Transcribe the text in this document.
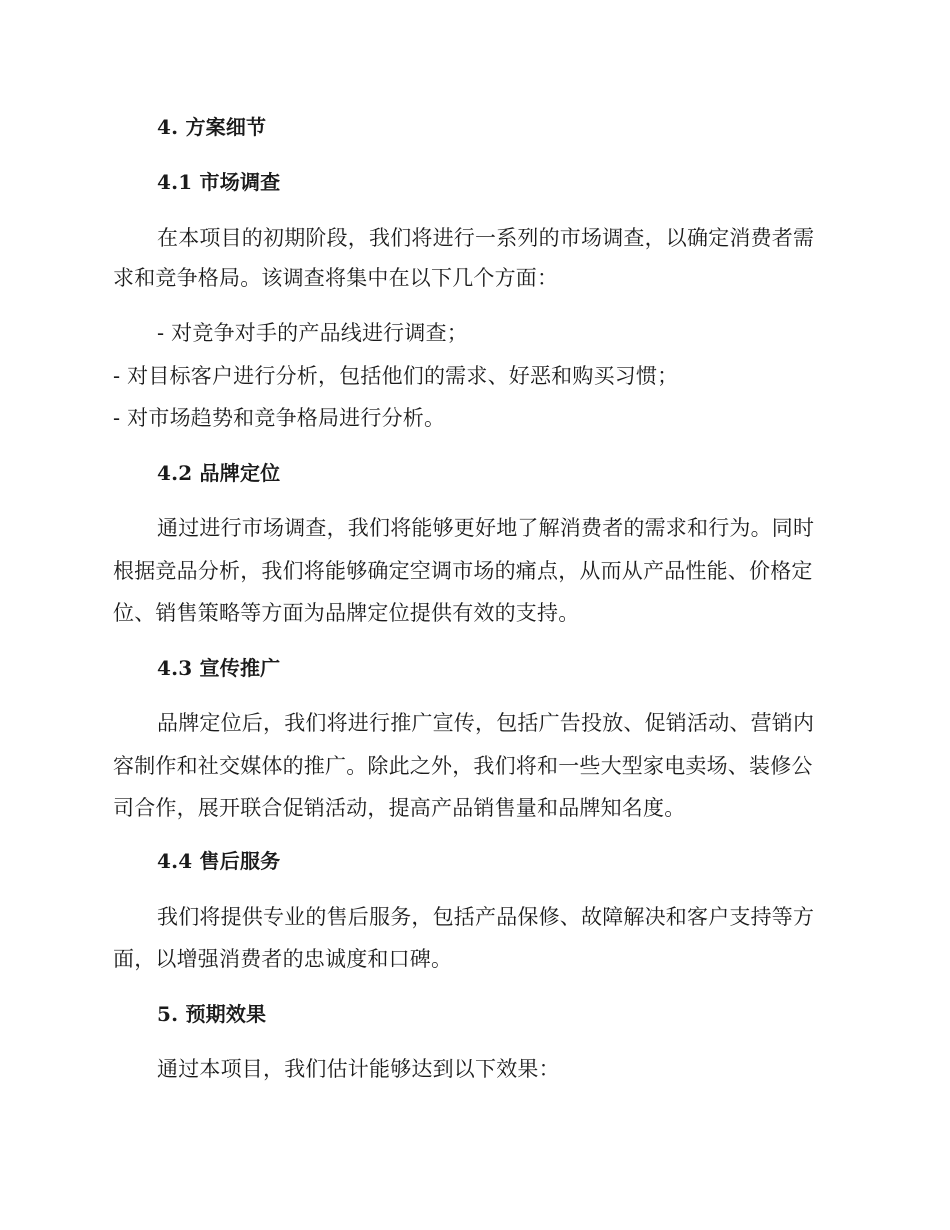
4. 方案细节
4.1 市场调查
在本项目的初期阶段，我们将进行一系列的市场调查，以确定消费者需
求和竞争格局。该调查将集中在以下几个方面：
- 对竞争对手的产品线进行调查；
- 对目标客户进行分析，包括他们的需求、好恶和购买习惯；
- 对市场趋势和竞争格局进行分析。
4.2 品牌定位
通过进行市场调查，我们将能够更好地了解消费者的需求和行为。同时
根据竞品分析，我们将能够确定空调市场的痛点，从而从产品性能、价格定
位、销售策略等方面为品牌定位提供有效的支持。
4.3 宣传推广
品牌定位后，我们将进行推广宣传，包括广告投放、促销活动、营销内
容制作和社交媒体的推广。除此之外，我们将和一些大型家电卖场、装修公
司合作，展开联合促销活动，提高产品销售量和品牌知名度。
4.4 售后服务
我们将提供专业的售后服务，包括产品保修、故障解决和客户支持等方
面，以增强消费者的忠诚度和口碑。
5. 预期效果
通过本项目，我们估计能够达到以下效果：
